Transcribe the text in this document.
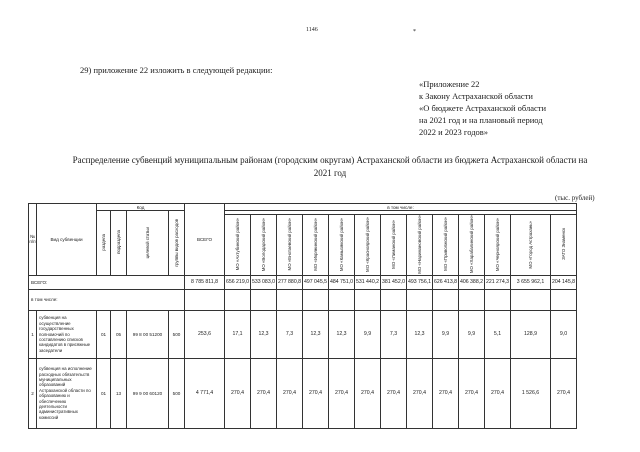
1146	*
29) приложение 22 изложить в следующей редакции:
«Приложение 22
к Закону Астраханской области
«О бюджете Астраханской области
на 2021 год и на плановый период
2022 и 2023 годов»
Распределение субвенций муниципальным районам (городским округам) Астраханской области из бюджета Астраханской области на 2021 год
(тыс. рублей)
№ п/п	Вид субвенции	Код				ВСЕГО	в том числе:												
		раздела	подраздела	целевой статьи	группы видов расходов														
							МО «Ахтубинский район»	МО «Володарский район»	МО «Енотаевский район»	МО «Икрянинский район»	МО «Камызякский район»	МО «Красноярский район»	МО «Лиманский район»	МО «Наримановский район»	МО «Приволжский район»	МО «Харабалинский район»	МО «Черноярский район»	МО «Город Астрахань»	ЗАТО Знаменск
ВСЕГО:						8 785 811,8	656 219,0	533 083,0	277 880,8	497 045,5	484 751,0	531 440,2	381 452,0	493 756,1	626 413,8	406 388,2	221 274,3	3 655 962,1	204 145,8
в том числе:																			
1	субвенция на осуществление государственных полномочий по составлению списков кандидатов в присяжные заседатели	01	05	99 8 00 51200	500	253,6	17,1	12,3	7,3	12,3	12,3	9,9	7,3	12,3	9,9	9,9	5,1	128,9	9,0
2	субвенция на исполнение расходных обязательств муниципальных образований Астраханской области по образованию и обеспечению деятельности административных комиссий	01	13	99 9 00 60120	500	4 771,4	270,4	270,4	270,4	270,4	270,4	270,4	270,4	270,4	270,4	270,4	270,4	1 526,6	270,4
